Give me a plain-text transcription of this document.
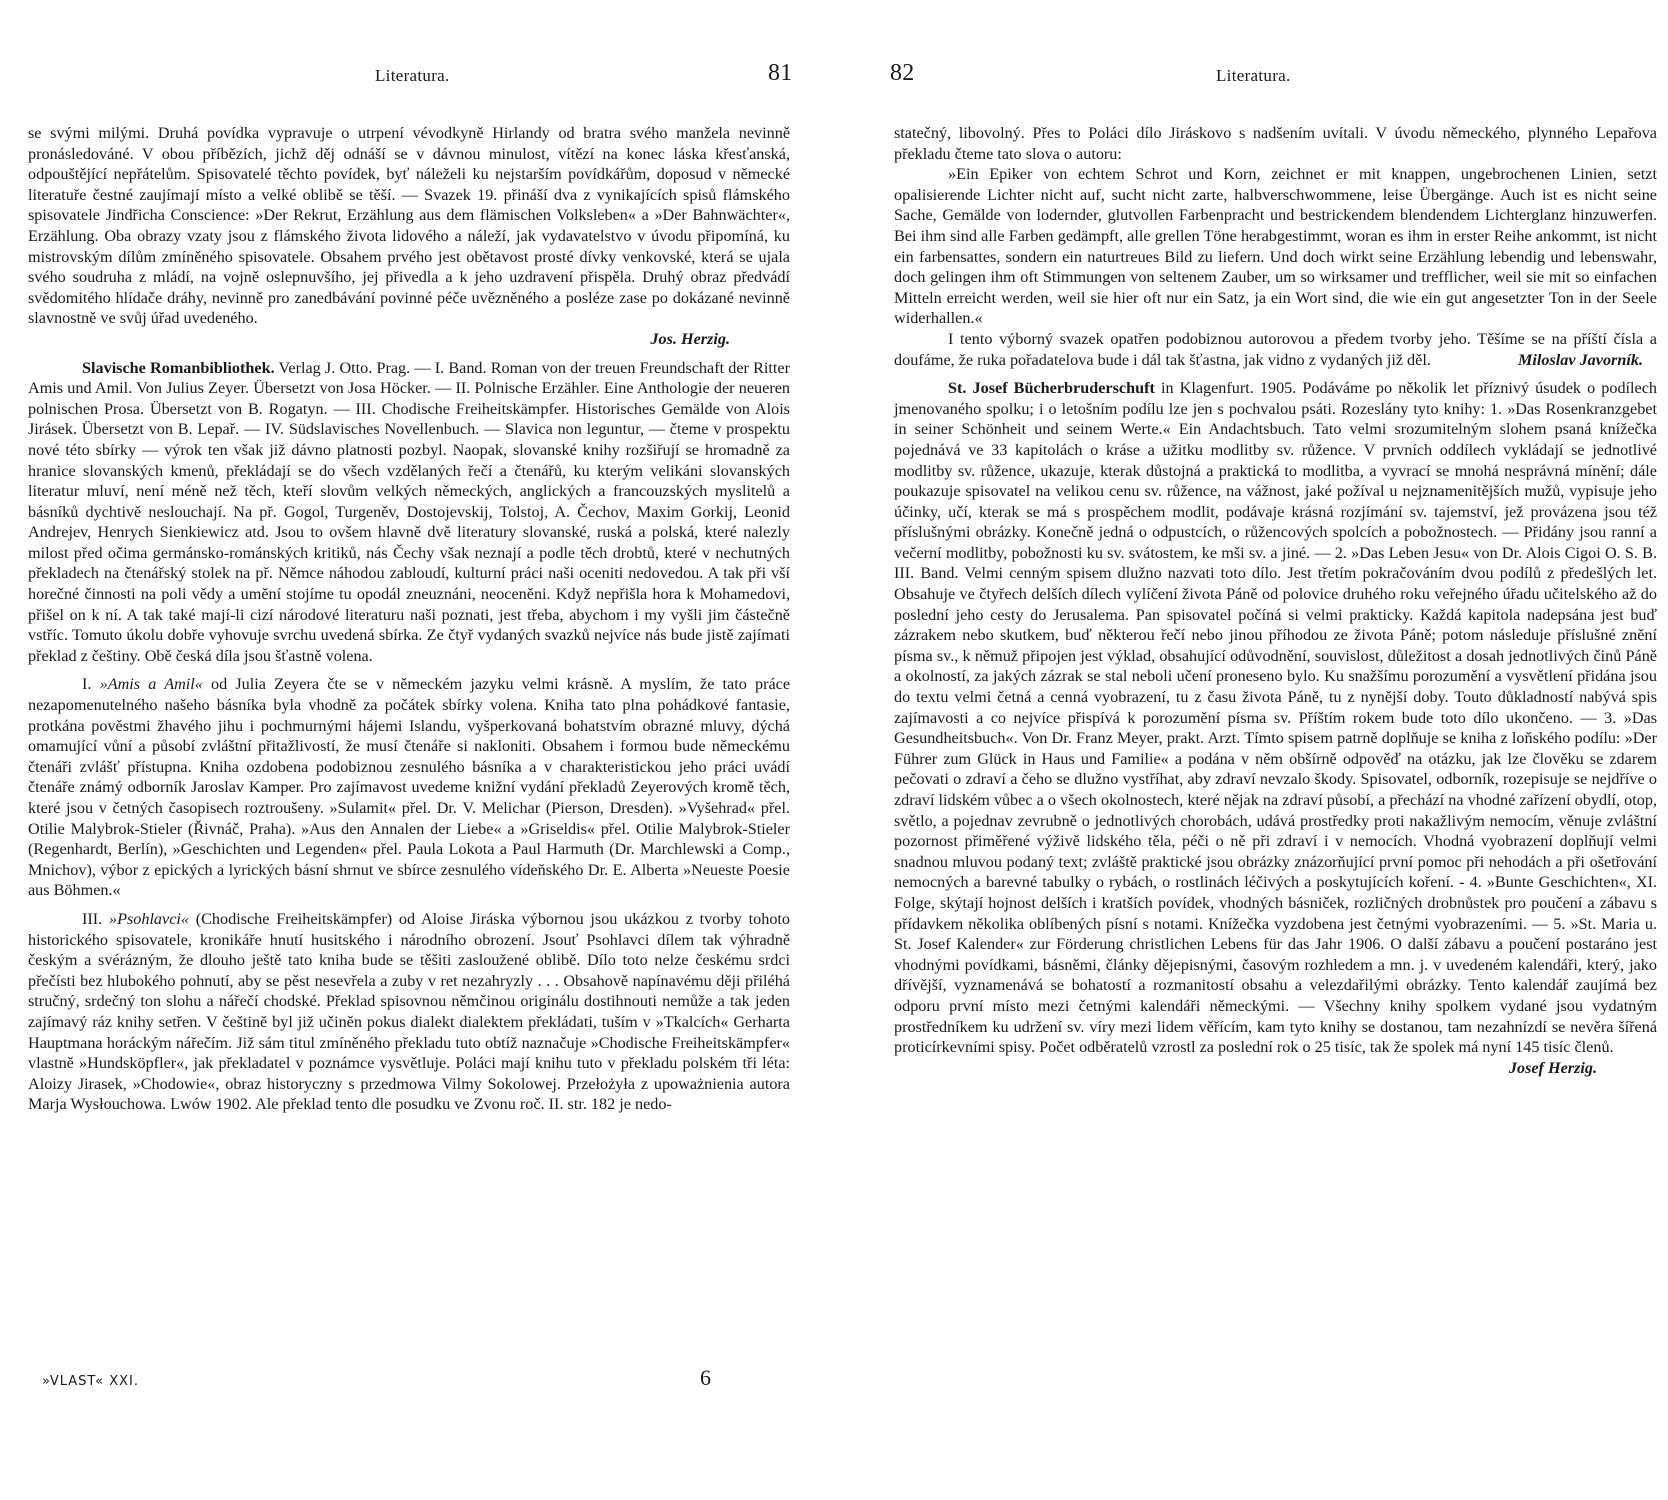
Literatura.	81

se svými milými. Druhá povídka vypravuje o utrpení vévodkyně Hirlandy od bratra svého manžela nevinně pronásledováné. V obou příbězích, jichž děj odnáší se v dávnou minulost, vítězí na konec láska křesťanská, odpouštějící nepřátelům. Spisovatelé těchto povídek, byť náleželi ku nejstarším povídkářům, doposud v německé literatuře čestné zaujímají místo a velké oblibě se těší. — Svazek 19. přináší dva z vynikajících spisů flámského spisovatele Jindřicha Conscience: »Der Rekrut, Erzählung aus dem flämischen Volksleben« a »Der Bahnwächter«, Erzählung. Oba obrazy vzaty jsou z flámského života lidového a náleží, jak vydavatelstvo v úvodu připomíná, ku mistrovským dílům zmíněného spisovatele. Obsahem prvého jest obětavost prosté dívky venkovské, která se ujala svého soudruha z mládí, na vojně oslepnuvšího, jej přivedla a k jeho uzdravení přispěla. Druhý obraz předvádí svědomitého hlídače dráhy, nevinně pro zanedbávání povinné péče uvězněného a posléze zase po dokázané nevinně slavnostně ve svůj úřad uvedeného.

Jos. Herzig.

Slavische Romanbibliothek. Verlag J. Otto. Prag. — I. Band. Roman von der treuen Freundschaft der Ritter Amis und Amil. Von Julius Zeyer. Übersetzt von Josa Höcker. — II. Polnische Erzähler. Eine Anthologie der neueren polnischen Prosa. Übersetzt von B. Rogatyn. — III. Chodische Freiheitskämpfer. Historisches Gemälde von Alois Jirásek. Übersetzt von B. Lepař. — IV. Südslavisches Novellenbuch. — Slavica non leguntur, — čteme v prospektu nové této sbírky — výrok ten však již dávno platnosti pozbyl. Naopak, slovanské knihy rozšiřují se hromadně za hranice slovanských kmenů, překládají se do všech vzdělaných řečí a čtenářů, ku kterým velikáni slovanských literatur mluví, není méně než těch, kteří slovům velkých německých, anglických a francouzských myslitelů a básníků dychtivě neslouchají. Na př. Gogol, Turgeněv, Dostojevskij, Tolstoj, A. Čechov, Maxim Gorkij, Leonid Andrejev, Henrych Sienkiewicz atd. Jsou to ovšem hlavně dvě literatury slovanské, ruská a polská, které nalezly milost před očima germánsko-románských kritiků, nás Čechy však neznají a podle těch drobtů, které v nechutných překladech na čtenářský stolek na př. Němce náhodou zabloudí, kulturní práci naši oceniti nedovedou. A tak při vší horečné činnosti na poli vědy a umění stojíme tu opodál zneuznáni, neoceněni. Když nepřišla hora k Mohamedovi, přišel on k ní. A tak také mají-li cizí národové literaturu naši poznati, jest třeba, abychom i my vyšli jim částečně vstříc. Tomuto úkolu dobře vyhovuje svrchu uvedená sbírka. Ze čtyř vydaných svazků nejvíce nás bude jistě zajímati překlad z češtiny. Obě česká díla jsou šťastně volena.

I. »Amis a Amil« od Julia Zeyera čte se v německém jazyku velmi krásně. A myslím, že tato práce nezapomenutelného našeho básníka byla vhodně za počátek sbírky volena. Kniha tato plna pohádkové fantasie, protkána pověstmi žhavého jihu i pochmurnými hájemi Islandu, vyšperkovaná bohatstvím obrazné mluvy, dýchá omamující vůní a působí zvláštní přitažlivostí, že musí čtenáře si nakloniti. Obsahem i formou bude německému čtenáři zvlášť přístupna. Kniha ozdobena podobiznou zesnulého básníka a v charakteristickou jeho práci uvádí čtenáře známý odborník Jaroslav Kamper. Pro zajímavost uvedeme knižní vydání překladů Zeyerových kromě těch, které jsou v četných časopisech roztroušeny. »Sulamit« přel. Dr. V. Melichar (Pierson, Dresden). »Vyšehrad« přel. Otilie Malybrok-Stieler (Řivnáč, Praha). »Aus den Annalen der Liebe« a »Griseldis« přel. Otilie Malybrok-Stieler (Regenhardt, Berlín), »Geschichten und Legenden« přel. Paula Lokota a Paul Harmuth (Dr. Marchlewski a Comp., Mnichov), výbor z epických a lyrických básní shrnut ve sbírce zesnulého vídeňského Dr. E. Alberta »Neueste Poesie aus Böhmen.«

III. »Psohlavci« (Chodische Freiheitskämpfer) od Aloise Jiráska výbornou jsou ukázkou z tvorby tohoto historického spisovatele, kronikáře hnutí husitského i národního obrození. Jsouť Psohlavci dílem tak výhradně českým a svérázným, že dlouho ještě tato kniha bude se těšiti zasloužené oblibě. Dílo toto nelze českému srdci přečísti bez hlubokého pohnutí, aby se pěst nesevřela a zuby v ret nezahryzly . . . Obsahově napínavému ději přiléhá stručný, srdečný ton slohu a nářečí chodské. Překlad spisovnou němčinou originálu dostihnouti nemůže a tak jeden zajímavý ráz knihy setřen. V češtině byl již učiněn pokus dialekt dialektem překládati, tuším v »Tkalcích« Gerharta Hauptmana horáckým nářečím. Již sám titul zmíněného překladu tuto obtíž naznačuje »Chodische Freiheitskämpfer« vlastně »Hundsköpfler«, jak překladatel v poznámce vysvětluje. Poláci mají knihu tuto v překladu polském tři léta: Aloizy Jirasek, »Chodowie«, obraz historyczny s przedmowa Vilmy Sokolowej. Przełożyła z upoważnienia autora Marja Wysłouchowa. Lwów 1902. Ale překlad tento dle posudku ve Zvonu roč. II. str. 182 je nedo-

»VLAST« XXI.	6
82	Literatura.

statečný, libovolný. Přes to Poláci dílo Jiráskovo s nadšením uvítali. V úvodu německého, plynného Lepařova překladu čteme tato slova o autoru:

»Ein Epiker von echtem Schrot und Korn, zeichnet er mit knappen, ungebrochenen Linien, setzt opalisierende Lichter nicht auf, sucht nicht zarte, halbverschwommene, leise Übergänge. Auch ist es nicht seine Sache, Gemälde von lodernder, glutvollen Farbenpracht und bestrickendem blendendem Lichterglanz hinzuwerfen. Bei ihm sind alle Farben gedämpft, alle grellen Töne herabgestimmt, woran es ihm in erster Reihe ankommt, ist nicht ein farbensattes, sondern ein naturtreues Bild zu liefern. Und doch wirkt seine Erzählung lebendig und lebenswahr, doch gelingen ihm oft Stimmungen von seltenem Zauber, um so wirksamer und trefflicher, weil sie mit so einfachen Mitteln erreicht werden, weil sie hier oft nur ein Satz, ja ein Wort sind, die wie ein gut angesetzter Ton in der Seele widerhallen.«

I tento výborný svazek opatřen podobiznou autorovou a předem tvorby jeho. Těšíme se na příští čísla a doufáme, že ruka pořadatelova bude i dál tak šťastna, jak vidno z vydaných již děl.	Miloslav Javorník.

St. Josef Bücherbruderschuft in Klagenfurt. 1905. Podáváme po několik let příznivý úsudek o podílech jmenovaného spolku; i o letošním podílu lze jen s pochvalou psáti. Rozeslány tyto knihy: 1. »Das Rosenkranzgebet in seiner Schönheit und seinem Werte.« Ein Andachtsbuch. Tato velmi srozumitelným slohem psaná knížečka pojednává ve 33 kapitolách o kráse a užitku modlitby sv. růžence. V prvních oddílech vykládají se jednotlivé modlitby sv. růžence, ukazuje, kterak důstojná a praktická to modlitba, a vyvrací se mnohá nesprávná mínění; dále poukazuje spisovatel na velikou cenu sv. růžence, na vážnost, jaké požíval u nejznamenitějších mužů, vypisuje jeho účinky, učí, kterak se má s prospěchem modlit, podávaje krásná rozjímání sv. tajemství, jež provázena jsou též příslušnými obrázky. Konečně jedná o odpustcích, o růžencových spolcích a pobožnostech. — Přidány jsou ranní a večerní modlitby, pobožnosti ku sv. svátostem, ke mši sv. a jiné. — 2. »Das Leben Jesu« von Dr. Alois Cigoi O. S. B. III. Band. Velmi cenným spisem dlužno nazvati toto dílo. Jest třetím pokračováním dvou podílů z předešlých let. Obsahuje ve čtyřech delších dílech vylíčení života Páně od polovice druhého roku veřejného úřadu učitelského až do poslední jeho cesty do Jerusalema. Pan spisovatel počíná si velmi prakticky. Každá kapitola nadepsána jest buď zázrakem nebo skutkem, buď některou řečí nebo jinou příhodou ze života Páně; potom následuje příslušné znění písma sv., k němuž připojen jest výklad, obsahující odůvodnění, souvislost, důležitost a dosah jednotlivých činů Páně a okolností, za jakých zázrak se stal neboli učení proneseno bylo. Ku snažšímu porozumění a vysvětlení přidána jsou do textu velmi četná a cenná vyobrazení, tu z času života Páně, tu z nynější doby. Touto důkladností nabývá spis zajímavosti a co nejvíce přispívá k porozumění písma sv. Příštím rokem bude toto dílo ukončeno. — 3. »Das Gesundheitsbuch«. Von Dr. Franz Meyer, prakt. Arzt. Tímto spisem patrně doplňuje se kniha z loňského podílu: »Der Führer zum Glück in Haus und Familie« a podána v něm obšírně odpověď na otázku, jak lze člověku se zdarem pečovati o zdraví a čeho se dlužno vystříhat, aby zdraví nevzalo škody. Spisovatel, odborník, rozepisuje se nejdříve o zdraví lidském vůbec a o všech okolnostech, které nějak na zdraví působí, a přechází na vhodné zařízení obydlí, otop, světlo, a pojednav zevrubně o jednotlivých chorobách, udává prostředky proti nakažlivým nemocím, věnuje zvláštní pozornost přiměřené výživě lidského těla, péči o ně při zdraví i v nemocích. Vhodná vyobrazení doplňují velmi snadnou mluvou podaný text; zvláště praktické jsou obrázky znázorňující první pomoc při nehodách a při ošetřování nemocných a barevné tabulky o rybách, o rostlinách léčivých a poskytujících koření. - 4. »Bunte Geschichten«, XI. Folge, skýtají hojnost delších i kratších povídek, vhodných básniček, rozličných drobnůstek pro poučení a zábavu s přídavkem několika oblíbených písní s notami. Knížečka vyzdobena jest četnými vyobrazeními. — 5. »St. Maria u. St. Josef Kalender« zur Förderung christlichen Lebens für das Jahr 1906. O další zábavu a poučení postaráno jest vhodnými povídkami, básněmi, články dějepisnými, časovým rozhledem a mn. j. v uvedeném kalendáři, který, jako dřívější, vyznamenává se bohatostí a rozmanitostí obsahu a velezdařilými obrázky. Tento kalendář zaujímá bez odporu první místo mezi četnými kalendáři německými. — Všechny knihy spolkem vydané jsou vydatným prostředníkem ku udržení sv. víry mezi lidem věřícím, kam tyto knihy se dostanou, tam nezahnízdí se nevěra šířená proticírkevními spisy. Počet odběratelů vzrostl za poslední rok o 25 tisíc, tak že spolek má nyní 145 tisíc členů.

Josef Herzig.
